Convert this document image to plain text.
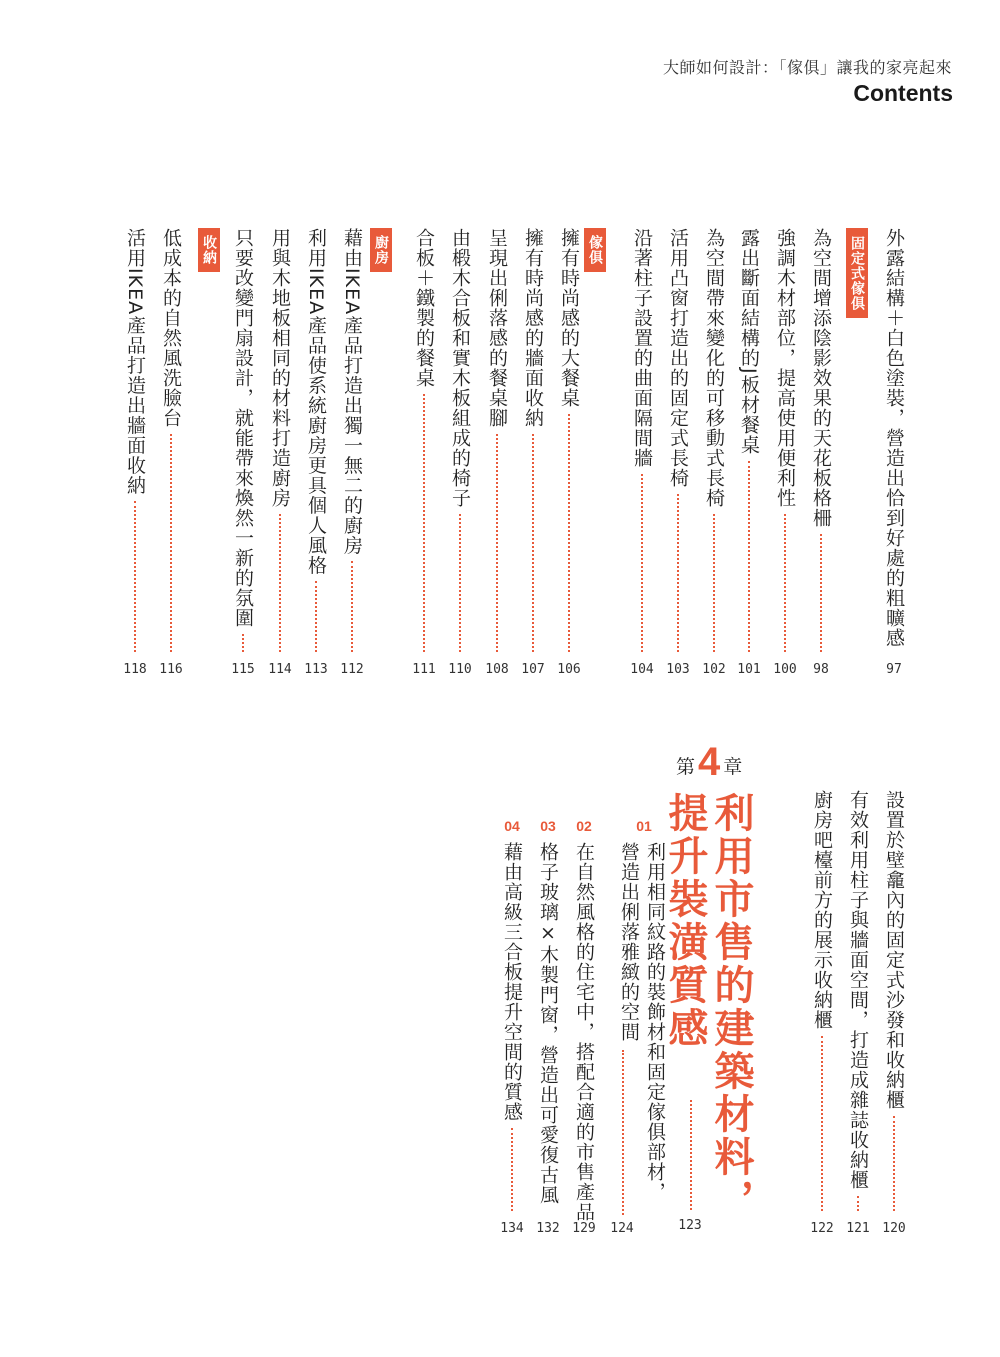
大師如何設計：「傢俱」讓我的家亮起來
Contents
固定式傢俱
傢俱
廚房
收納	外露結構＋白色塗裝，營造出恰到好處的粗曠感
97
為空間增添陰影效果的天花板格柵
98
強調木材部位，提高使用便利性
100
露出斷面結構的J板材餐桌
101
為空間帶來變化的可移動式長椅
102
活用凸窗打造出的固定式長椅
103
沿著柱子設置的曲面隔間牆
104
擁有時尚感的大餐桌
106
擁有時尚感的牆面收納
107
呈現出俐落感的餐桌腳
108
由椴木合板和實木板組成的椅子
110
合板＋鐵製的餐桌
111
藉由IKEA產品打造出獨一無二的廚房
112
利用IKEA產品使系統廚房更具個人風格
113
用與木地板相同的材料打造廚房
114
只要改變門扇設計，就能帶來煥然一新的氛圍
115
低成本的自然風洗臉台
116
活用IKEA產品打造出牆面收納
118
設置於壁龕內的固定式沙發和收納櫃
120
有效利用柱子與牆面空間，打造成雜誌收納櫃
121
廚房吧檯前方的展示收納櫃
122
第 4 章
利用市售的建築材料，
提升裝潢質感
123
01
利用相同紋路的裝飾材和固定傢俱部材，
營造出俐落雅緻的空間
124
02
在自然風格的住宅中，搭配合適的市售產品
129
03
格子玻璃×木製門窗，營造出可愛復古風
132
04
藉由高級三合板提升空間的質感
134
